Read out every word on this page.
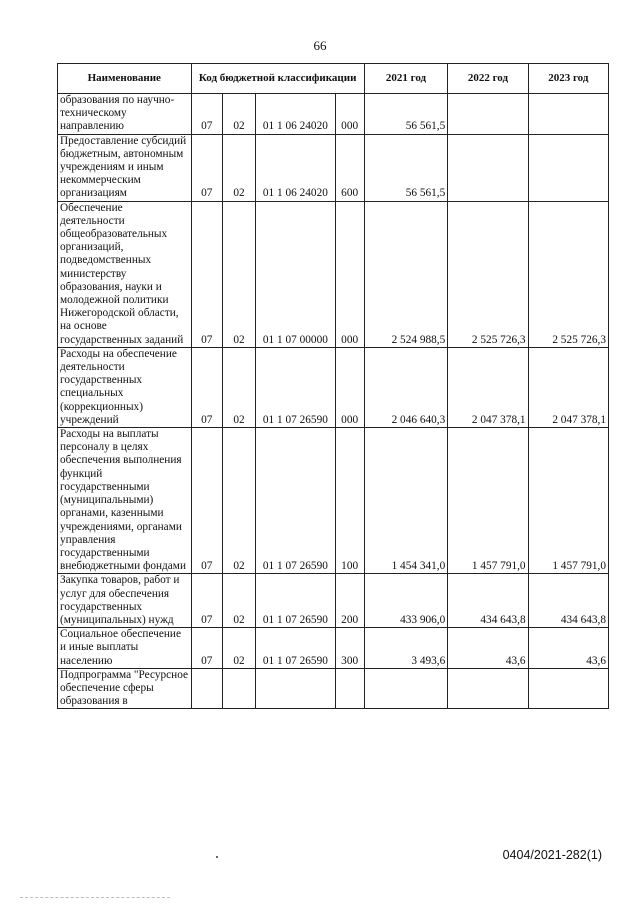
66
Наименование	Код бюджетной классификации				2021 год	2022 год	2023 год
образования по научно-техническому направлению	07	02	01 1 06 24020	000	56 561,5		
Предоставление субсидий бюджетным, автономным учреждениям и иным некоммерческим организациям	07	02	01 1 06 24020	600	56 561,5		
Обеспечение деятельности общеобразовательных организаций, подведомственных министерству образования, науки и молодежной политики Нижегородской области, на основе государственных заданий	07	02	01 1 07 00000	000	2 524 988,5	2 525 726,3	2 525 726,3
Расходы на обеспечение деятельности государственных специальных (коррекционных) учреждений	07	02	01 1 07 26590	000	2 046 640,3	2 047 378,1	2 047 378,1
Расходы на выплаты персоналу в целях обеспечения выполнения функций государственными (муниципальными) органами, казенными учреждениями, органами управления государственными внебюджетными фондами	07	02	01 1 07 26590	100	1 454 341,0	1 457 791,0	1 457 791,0
Закупка товаров, работ и услуг для обеспечения государственных (муниципальных) нужд	07	02	01 1 07 26590	200	433 906,0	434 643,8	434 643,8
Социальное обеспечение и иные выплаты населению	07	02	01 1 07 26590	300	3 493,6	43,6	43,6
Подпрограмма "Ресурсное обеспечение сферы образования в							
0404/2021-282(1)
